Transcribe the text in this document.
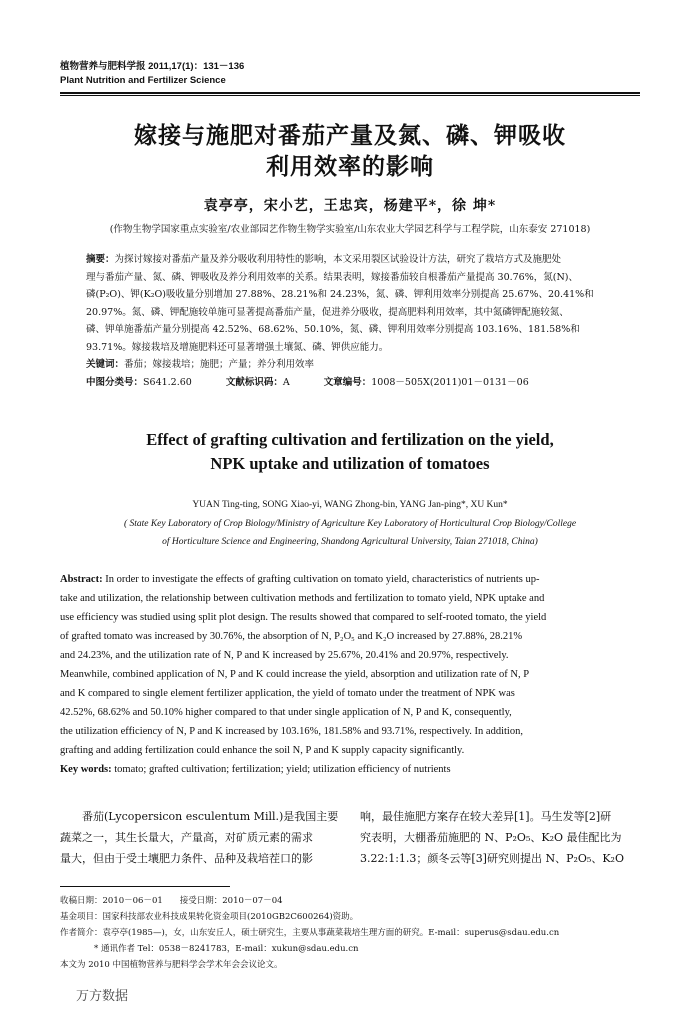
植物营养与肥料学报 2011,17(1)：131－136
Plant Nutrition and Fertilizer Science
嫁接与施肥对番茄产量及氮、磷、钾吸收
利用效率的影响
袁亭亭，宋小艺，王忠宾，杨建平*，徐 坤*
(作物生物学国家重点实验室/农业部园艺作物生物学实验室/山东农业大学园艺科学与工程学院，山东泰安 271018)
摘要：为探讨嫁接对番茄产量及养分吸收利用特性的影响，本文采用裂区试验设计方法，研究了栽培方式及施肥处
理与番茄产量、氮、磷、钾吸收及养分利用效率的关系。结果表明，嫁接番茄较自根番茄产量提高 30.76%，氮(N)、
磷(P₂O)、钾(K₂O)吸收量分别增加 27.88%、28.21%和 24.23%，氮、磷、钾利用效率分别提高 25.67%、20.41%和
20.97%。氮、磷、钾配施较单施可显著提高番茄产量，促进养分吸收，提高肥料利用效率，其中氮磷钾配施较氮、
磷、钾单施番茄产量分别提高 42.52%、68.62%、50.10%，氮、磷、钾利用效率分别提高 103.16%、181.58%和
93.71%。嫁接栽培及增施肥料还可显著增强土壤氮、磷、钾供应能力。
关键词：番茄；嫁接栽培；施肥；产量；养分利用效率
中图分类号：S641.2.60	文献标识码：A	文章编号：1008－505X(2011)01－0131－06
Effect of grafting cultivation and fertilization on the yield,
NPK uptake and utilization of tomatoes
YUAN Ting-ting, SONG Xiao-yi, WANG Zhong-bin, YANG Jan-ping*, XU Kun*
( State Key Laboratory of Crop Biology/Ministry of Agriculture Key Laboratory of Horticultural Crop Biology/College
of Horticulture Science and Engineering, Shandong Agricultural University, Taian 271018, China)
Abstract: In order to investigate the effects of grafting cultivation on tomato yield, characteristics of nutrients up-
take and utilization, the relationship between cultivation methods and fertilization to tomato yield, NPK uptake and
use efficiency was studied using split plot design. The results showed that compared to self-rooted tomato, the yield
of grafted tomato was increased by 30.76%, the absorption of N, P₂O₅ and K₂O increased by 27.88%, 28.21%
and 24.23%, and the utilization rate of N, P and K increased by 25.67%, 20.41% and 20.97%, respectively.
Meanwhile, combined application of N, P and K could increase the yield, absorption and utilization rate of N, P
and K compared to single element fertilizer application, the yield of tomato under the treatment of NPK was
42.52%, 68.62% and 50.10% higher compared to that under single application of N, P and K, consequently,
the utilization efficiency of N, P and K increased by 103.16%, 181.58% and 93.71%, respectively. In addition,
grafting and adding fertilization could enhance the soil N, P and K supply capacity significantly.
Key words: tomato; grafted cultivation; fertilization; yield; utilization efficiency of nutrients
番茄(Lycopersicon esculentum Mill.)是我国主要
蔬菜之一，其生长量大，产量高，对矿质元素的需求
量大，但由于受土壤肥力条件、品种及栽培茬口的影
响，最佳施肥方案存在较大差异[1]。马生发等[2]研
究表明，大棚番茄施肥的 N、P₂O₅、K₂O 最佳配比为
3.22:1:1.3；颜冬云等[3]研究则提出 N、P₂O₅、K₂O
收稿日期：2010－06－01　　接受日期：2010－07－04
基金项目：国家科技部农业科技成果转化资金项目(2010GB2C600264)资助。
作者简介：袁亭亭(1985—)，女，山东安丘人，硕士研究生，主要从事蔬菜栽培生理方面的研究。E-mail：superus@sdau.edu.cn
　　　　* 通讯作者 Tel：0538－8241783，E-mail：xukun@sdau.edu.cn
本文为 2010 中国植物营养与肥料学会学术年会会议论文。
万方数据
